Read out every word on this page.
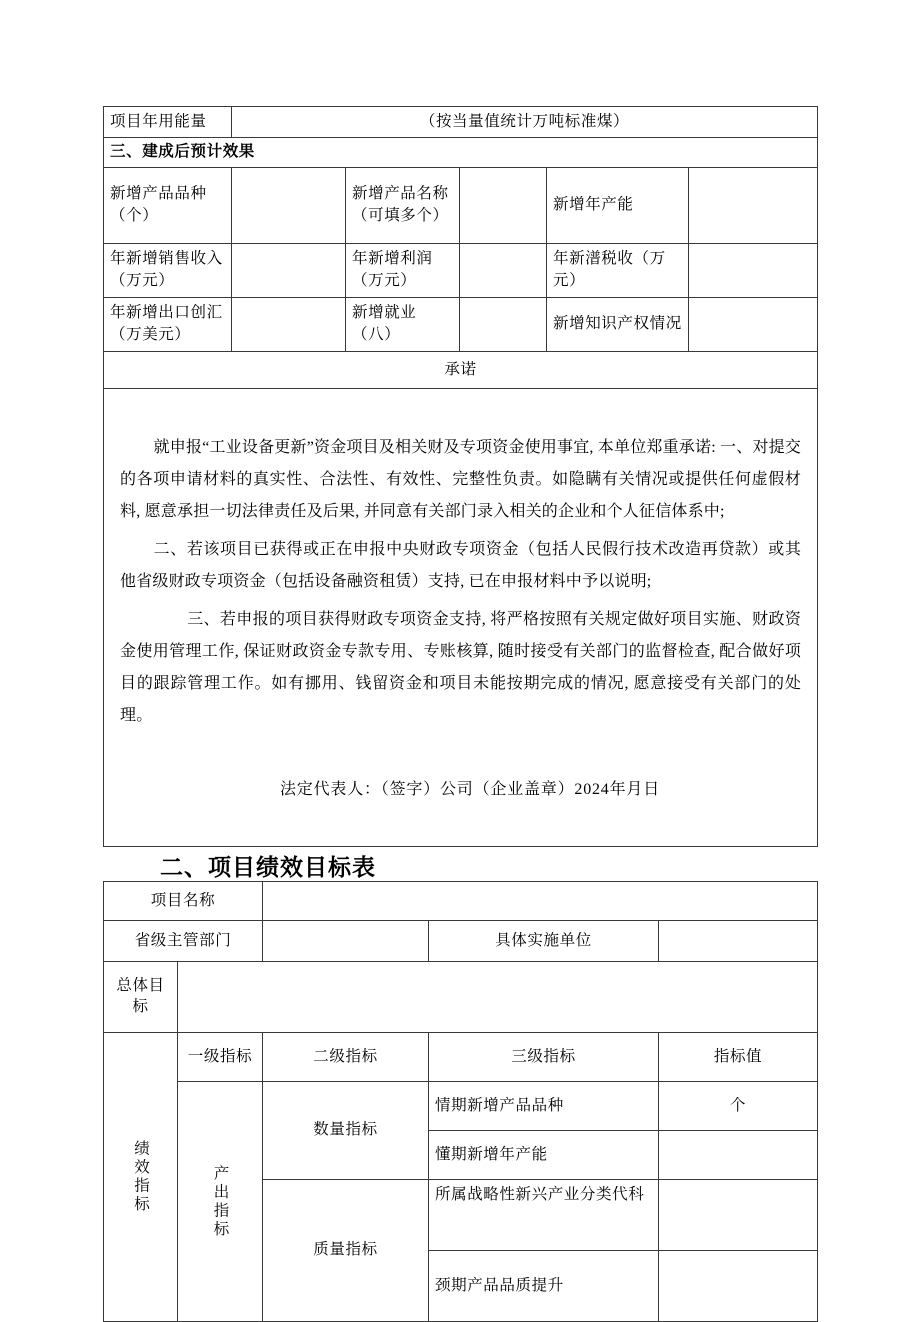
项目年用能量	（按当量值统计万吨标准煤）				
三、建成后预计效果					
新增产品品种（个）		新增产品名称（可填多个）		新增年产能	
年新增销售收入（万元）		年新增利润（万元）		年新潽税收（万元）	
年新增出口创汇（万美元）		新增就业（八）		新增知识产权情况	
承诺					

就申报“工业设备更新”资金项目及相关财及专项资金使用事宜, 本单位郑重承诺: 一、对提交的各项申请材料的真实性、合法性、有效性、完整性负责。如隐瞒有关情况或提供任何虚假材料, 愿意承担一切法律责任及后果, 并同意有关部门录入相关的企业和个人征信体系中;

二、若该项目已获得或正在申报中央财政专项资金（包括人民假行技术改造再贷款）或其他省级财政专项资金（包括设备融资租赁）支持, 已在申报材料中予以说明;

三、若申报的项目获得财政专项资金支持, 将严格按照有关规定做好项目实施、财政资金使用管理工作, 保证财政资金专款专用、专账核算, 随时接受有关部门的监督检查, 配合做好项目的跟踪管理工作。如有挪用、钱留资金和项目未能按期完成的情况, 愿意接受有关部门的处理。

法定代表人：（签字）公司（企业盖章）2024年月日					

二、项目绩效目标表
项目名称				
省级主管部门			具体实施单位	
总体目标				

绩效指标	一级指标	二级指标	三级指标	指标值

	产出指标	数量指标	情期新增产品品种	个
			懂期新增年产能	
		质量指标	所属战略性新兴产业分类代科	
			颈期产品品质提升	
